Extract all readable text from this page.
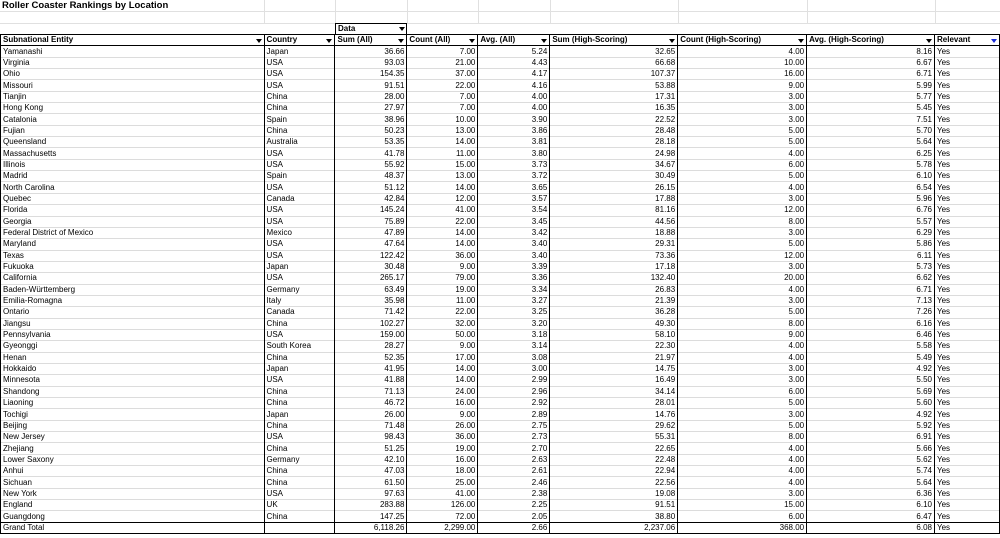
Roller Coaster Rankings by Location
Data
Subnational Entity	Country	Sum (All)	Count (All)	Avg. (All)	Sum (High-Scoring)	Count (High-Scoring)	Avg. (High-Scoring)	Relevant

Yamanashi	Japan	36.66	7.00	5.24	32.65	4.00	8.16	Yes
Virginia	USA	93.03	21.00	4.43	66.68	10.00	6.67	Yes
Ohio	USA	154.35	37.00	4.17	107.37	16.00	6.71	Yes
Missouri	USA	91.51	22.00	4.16	53.88	9.00	5.99	Yes
Tianjin	China	28.00	7.00	4.00	17.31	3.00	5.77	Yes
Hong Kong	China	27.97	7.00	4.00	16.35	3.00	5.45	Yes
Catalonia	Spain	38.96	10.00	3.90	22.52	3.00	7.51	Yes
Fujian	China	50.23	13.00	3.86	28.48	5.00	5.70	Yes
Queensland	Australia	53.35	14.00	3.81	28.18	5.00	5.64	Yes
Massachusetts	USA	41.78	11.00	3.80	24.98	4.00	6.25	Yes
Illinois	USA	55.92	15.00	3.73	34.67	6.00	5.78	Yes
Madrid	Spain	48.37	13.00	3.72	30.49	5.00	6.10	Yes
North Carolina	USA	51.12	14.00	3.65	26.15	4.00	6.54	Yes
Quebec	Canada	42.84	12.00	3.57	17.88	3.00	5.96	Yes
Florida	USA	145.24	41.00	3.54	81.16	12.00	6.76	Yes
Georgia	USA	75.89	22.00	3.45	44.56	8.00	5.57	Yes
Federal District of Mexico	Mexico	47.89	14.00	3.42	18.88	3.00	6.29	Yes
Maryland	USA	47.64	14.00	3.40	29.31	5.00	5.86	Yes
Texas	USA	122.42	36.00	3.40	73.36	12.00	6.11	Yes
Fukuoka	Japan	30.48	9.00	3.39	17.18	3.00	5.73	Yes
California	USA	265.17	79.00	3.36	132.40	20.00	6.62	Yes
Baden-Württemberg	Germany	63.49	19.00	3.34	26.83	4.00	6.71	Yes
Emilia-Romagna	Italy	35.98	11.00	3.27	21.39	3.00	7.13	Yes
Ontario	Canada	71.42	22.00	3.25	36.28	5.00	7.26	Yes
Jiangsu	China	102.27	32.00	3.20	49.30	8.00	6.16	Yes
Pennsylvania	USA	159.00	50.00	3.18	58.10	9.00	6.46	Yes
Gyeonggi	South Korea	28.27	9.00	3.14	22.30	4.00	5.58	Yes
Henan	China	52.35	17.00	3.08	21.97	4.00	5.49	Yes
Hokkaido	Japan	41.95	14.00	3.00	14.75	3.00	4.92	Yes
Minnesota	USA	41.88	14.00	2.99	16.49	3.00	5.50	Yes
Shandong	China	71.13	24.00	2.96	34.14	6.00	5.69	Yes
Liaoning	China	46.72	16.00	2.92	28.01	5.00	5.60	Yes
Tochigi	Japan	26.00	9.00	2.89	14.76	3.00	4.92	Yes
Beijing	China	71.48	26.00	2.75	29.62	5.00	5.92	Yes
New Jersey	USA	98.43	36.00	2.73	55.31	8.00	6.91	Yes
Zhejiang	China	51.25	19.00	2.70	22.65	4.00	5.66	Yes
Lower Saxony	Germany	42.10	16.00	2.63	22.48	4.00	5.62	Yes
Anhui	China	47.03	18.00	2.61	22.94	4.00	5.74	Yes
Sichuan	China	61.50	25.00	2.46	22.56	4.00	5.64	Yes
New York	USA	97.63	41.00	2.38	19.08	3.00	6.36	Yes
England	UK	283.88	126.00	2.25	91.51	15.00	6.10	Yes
Guangdong	China	147.25	72.00	2.05	38.80	6.00	6.47	Yes
Grand Total		6,118.26	2,299.00	2.66	2,237.06	368.00	6.08	Yes
